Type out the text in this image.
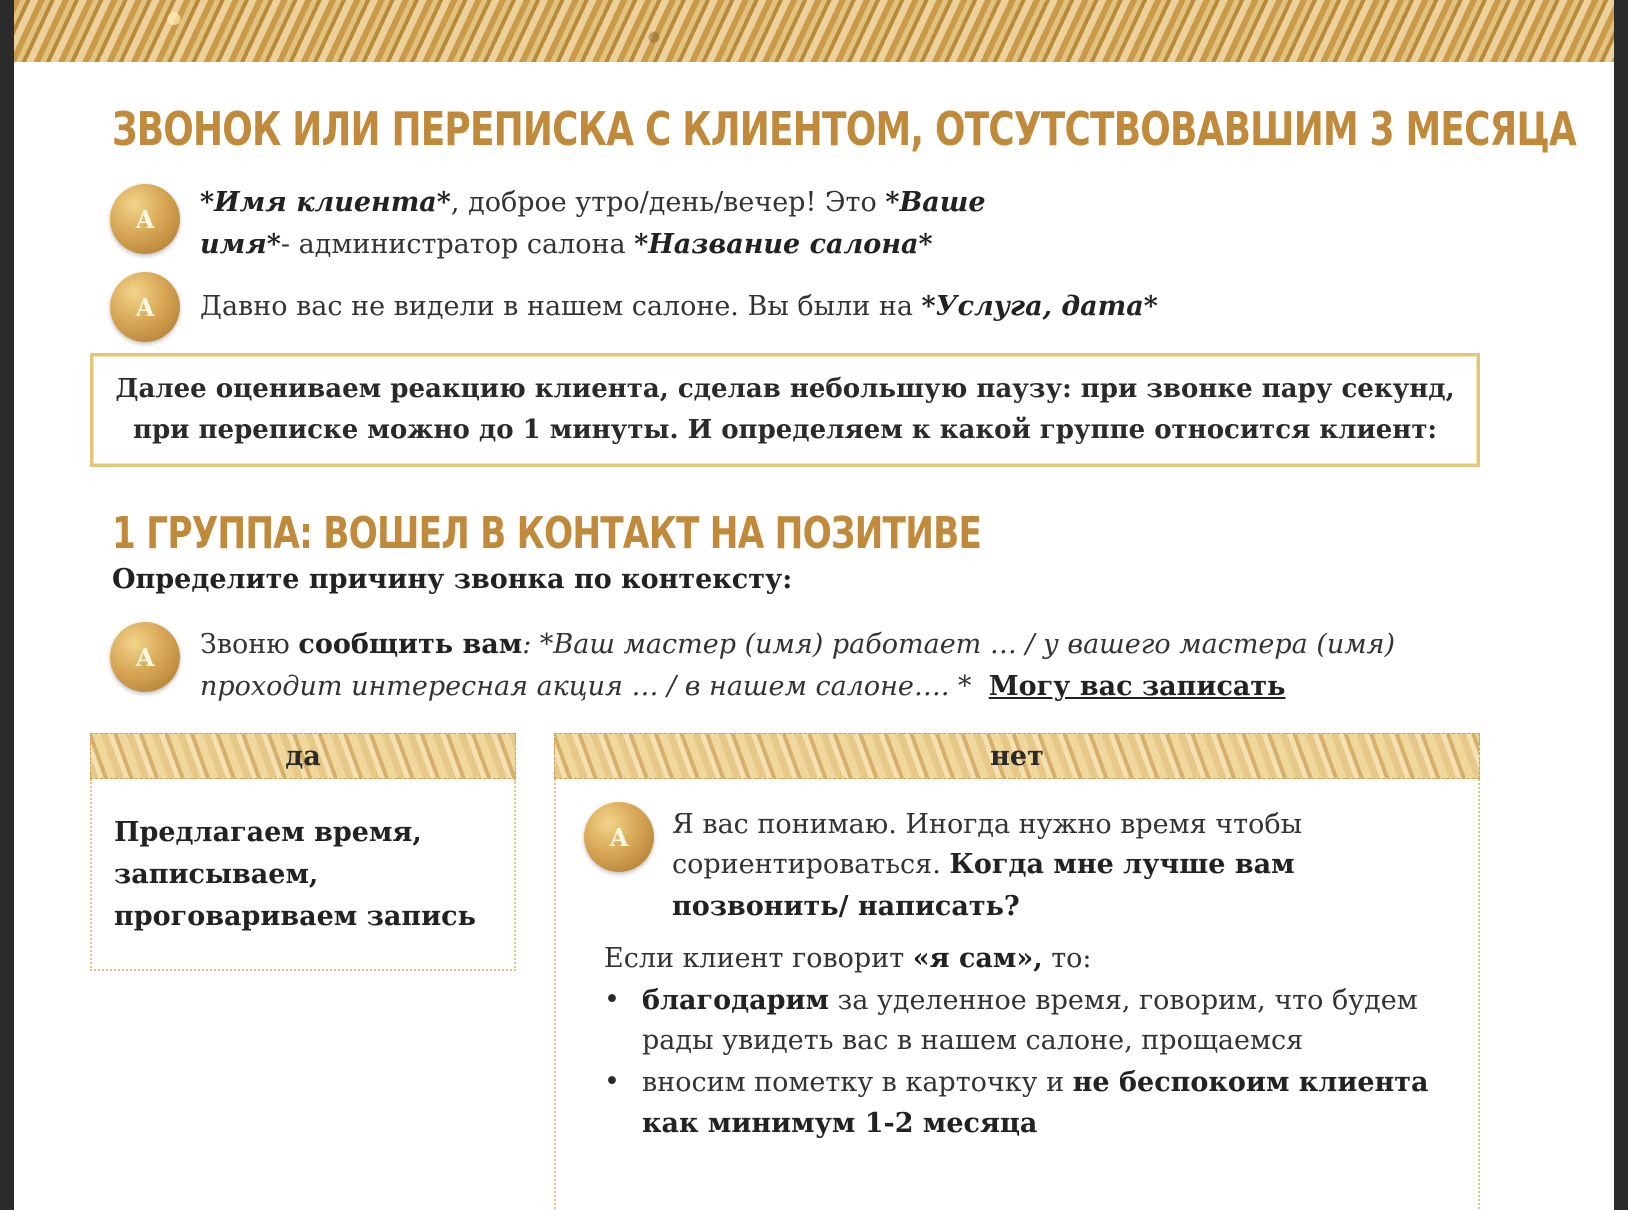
ЗВОНОК ИЛИ ПЕРЕПИСКА С КЛИЕНТОМ, ОТСУТСТВОВАВШИМ 3 МЕСЯЦА
A
*Имя клиента*, доброе утро/день/вечер! Это *Ваше
имя*- администратор салона *Название салона*
A	Давно вас не видели в нашем салоне. Вы были на *Услуга, дата*
Далее оцениваем реакцию клиента, сделав небольшую паузу: при звонке пару секунд,
при переписке можно до 1 минуты. И определяем к какой группе относится клиент:
1 ГРУППА: ВОШЕЛ В КОНТАКТ НА ПОЗИТИВЕ
Определите причину звонка по контексту:
A	Звоню сообщить вам: *Ваш мастер (имя) работает … / у вашего мастера (имя)
проходит интересная акция … / в нашем салоне…. * Могу вас записать
да
Предлагаем время,
записываем,
проговариваем запись
нет
A	Я вас понимаю. Иногда нужно время чтобы
сориентироваться. Когда мне лучше вам
позвонить/ написать?
Если клиент говорит «я сам», то:
• благодарим за уделенное время, говорим, что будем
рады увидеть вас в нашем салоне, прощаемся
• вносим пометку в карточку и не беспокоим клиента
как минимум 1-2 месяца
